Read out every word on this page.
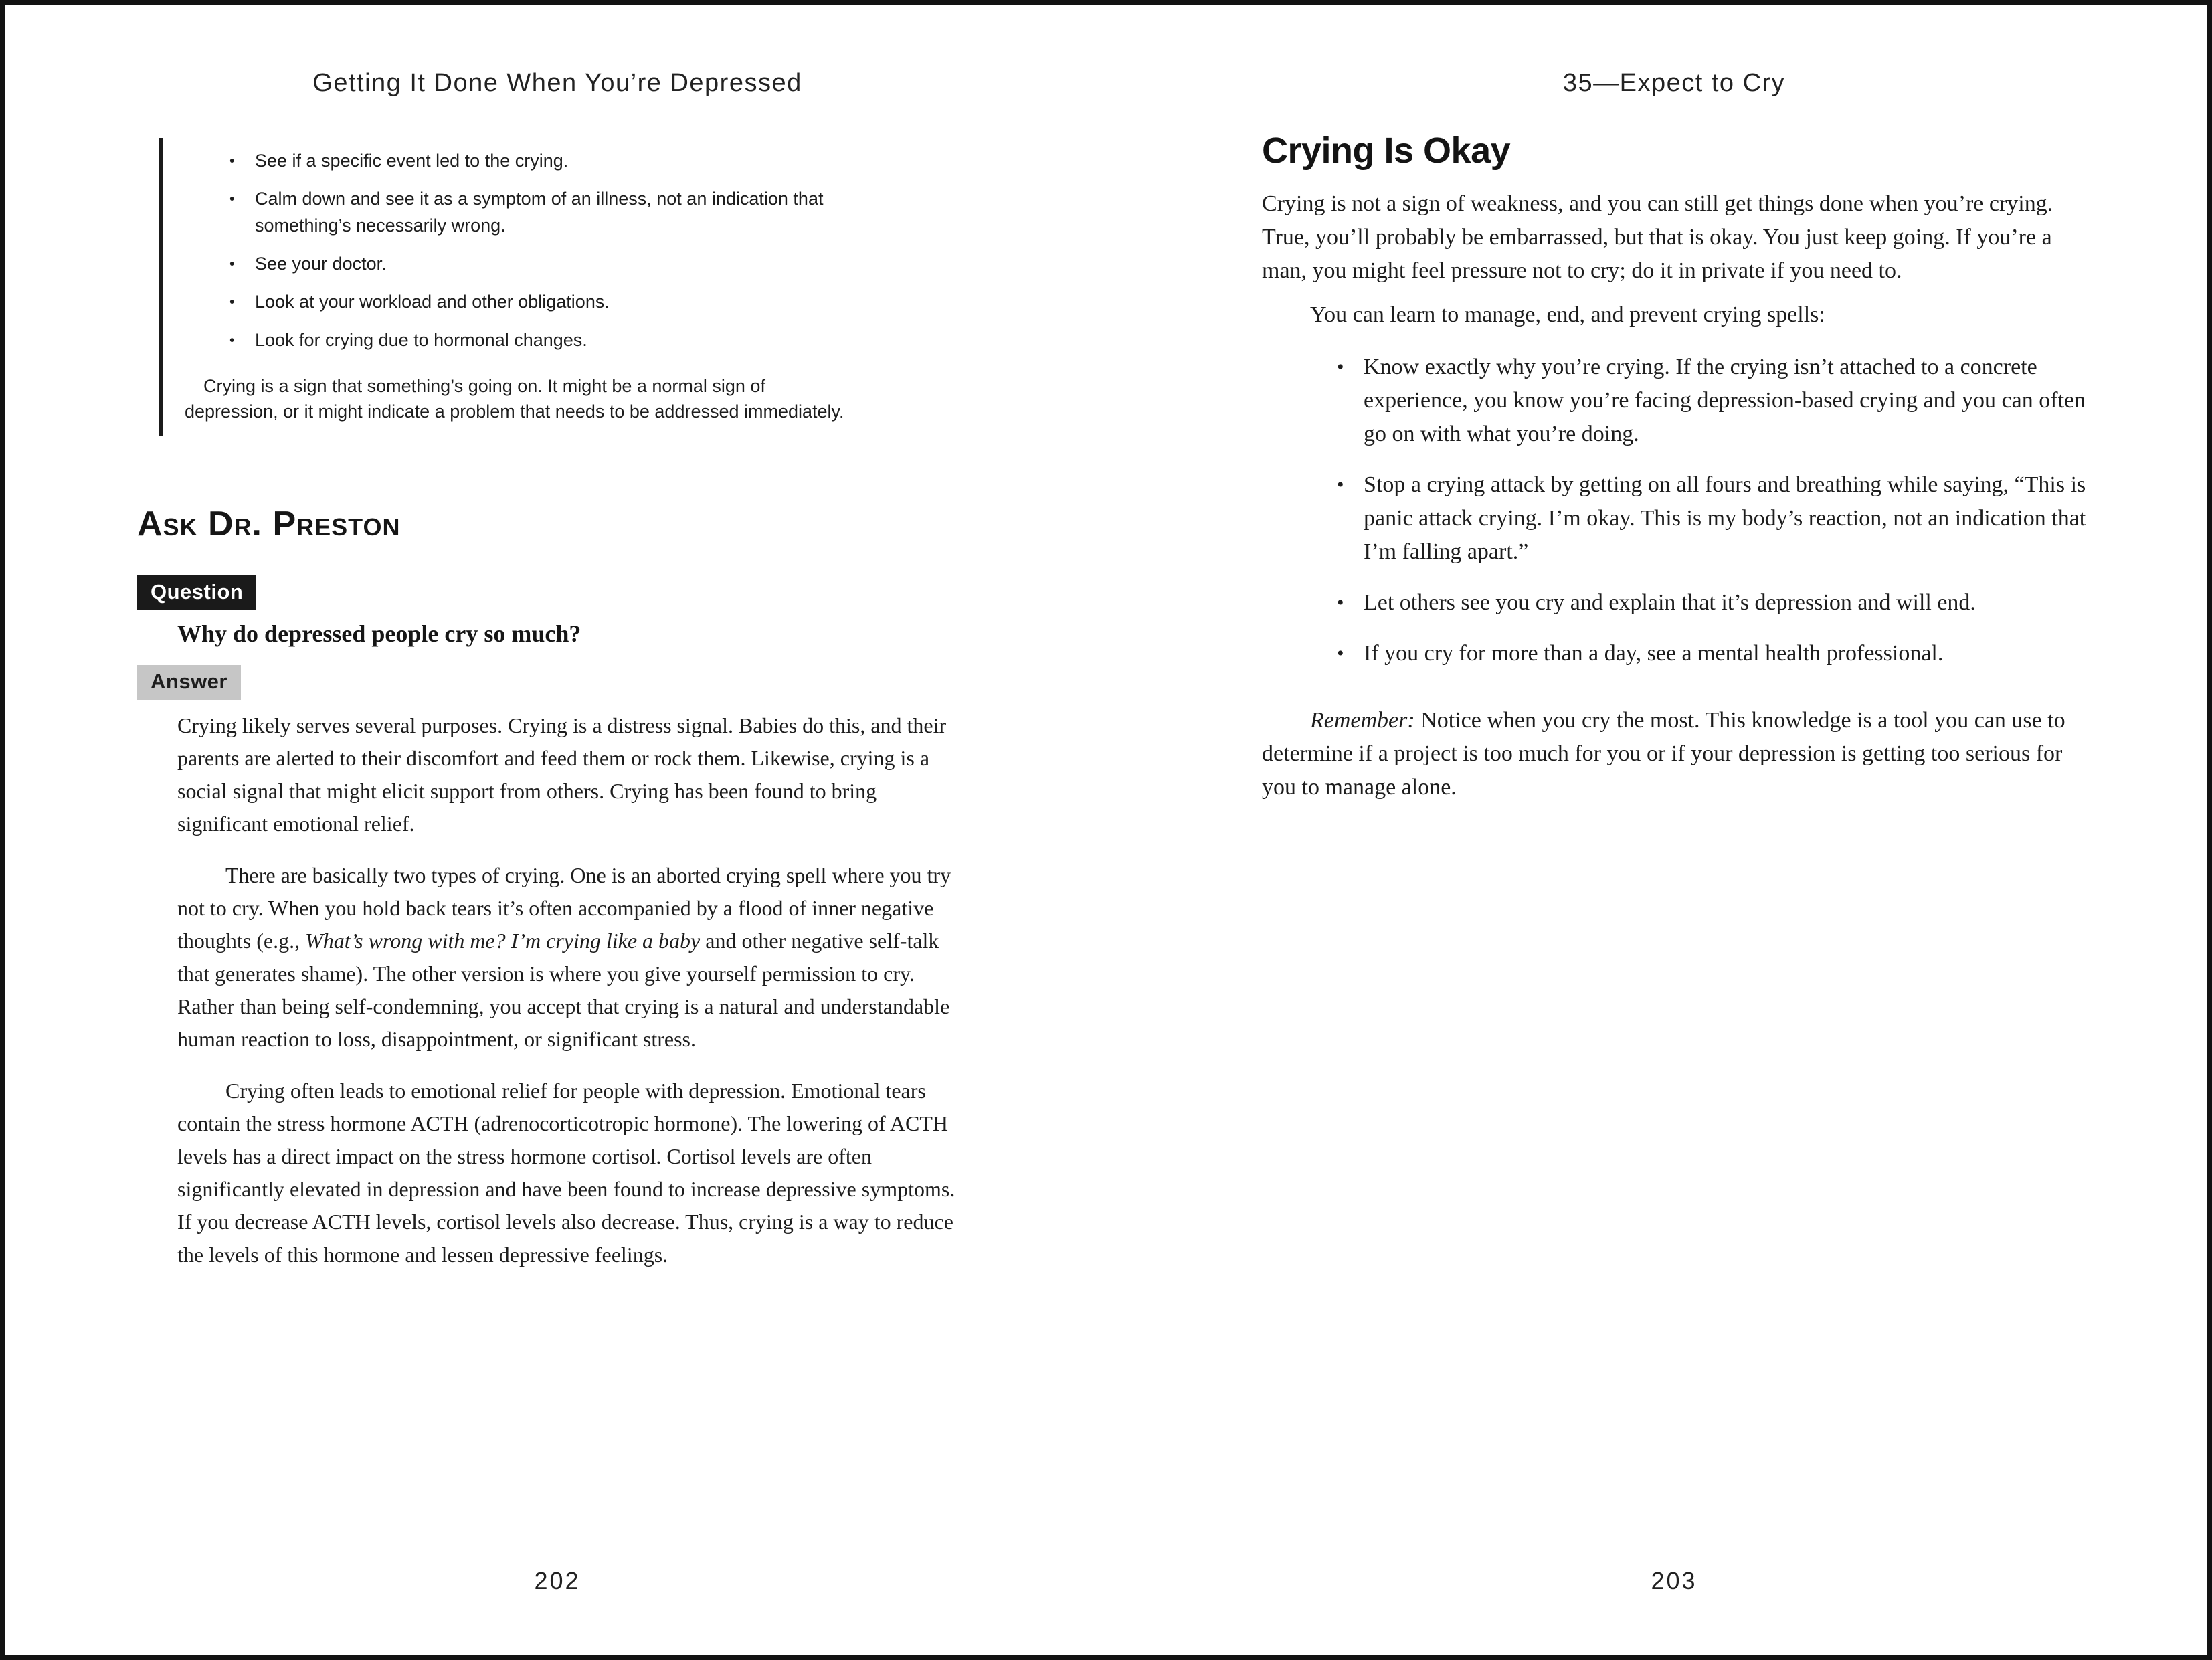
Getting It Done When You’re Depressed
• See if a specific event led to the crying.
• Calm down and see it as a symptom of an illness, not an indication that something’s necessarily wrong.
• See your doctor.
• Look at your workload and other obligations.
• Look for crying due to hormonal changes.

Crying is a sign that something’s going on. It might be a normal sign of depression, or it might indicate a problem that needs to be addressed immediately.

Ask Dr. Preston
Question
Why do depressed people cry so much?
Answer

Crying likely serves several purposes. Crying is a distress signal. Babies do this, and their parents are alerted to their discomfort and feed them or rock them. Likewise, crying is a social signal that might elicit support from others. Crying has been found to bring significant emotional relief.

There are basically two types of crying. One is an aborted crying spell where you try not to cry. When you hold back tears it’s often accompanied by a flood of inner negative thoughts (e.g., What’s wrong with me? I’m crying like a baby and other negative self-talk that generates shame). The other version is where you give yourself permission to cry. Rather than being self-condemning, you accept that crying is a natural and understandable human reaction to loss, disappointment, or significant stress.

Crying often leads to emotional relief for people with depression. Emotional tears contain the stress hormone ACTH (adrenocorticotropic hormone). The lowering of ACTH levels has a direct impact on the stress hormone cortisol. Cortisol levels are often significantly elevated in depression and have been found to increase depressive symptoms. If you decrease ACTH levels, cortisol levels also decrease. Thus, crying is a way to reduce the levels of this hormone and lessen depressive feelings.

202
35—Expect to Cry
Crying Is Okay

Crying is not a sign of weakness, and you can still get things done when you’re crying. True, you’ll probably be embarrassed, but that is okay. You just keep going. If you’re a man, you might feel pressure not to cry; do it in private if you need to.

You can learn to manage, end, and prevent crying spells:

• Know exactly why you’re crying. If the crying isn’t attached to a concrete experience, you know you’re facing depression-based crying and you can often go on with what you’re doing.
• Stop a crying attack by getting on all fours and breathing while saying, “This is panic attack crying. I’m okay. This is my body’s reaction, not an indication that I’m falling apart.”
• Let others see you cry and explain that it’s depression and will end.
• If you cry for more than a day, see a mental health professional.

Remember: Notice when you cry the most. This knowledge is a tool you can use to determine if a project is too much for you or if your depression is getting too serious for you to manage alone.

203
